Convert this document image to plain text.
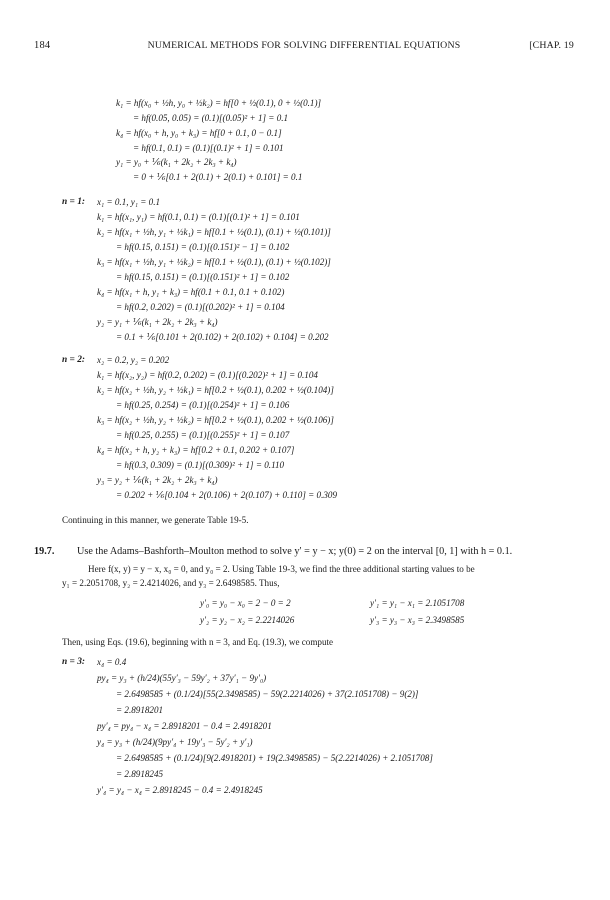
184	NUMERICAL METHODS FOR SOLVING DIFFERENTIAL EQUATIONS	[CHAP. 19
k₁ = hf(x₀ + ½h, y₀ + ½k₂) = hf[0 + ½(0.1), 0 + ½(0.1)]
= hf(0.05, 0.05) = (0.1)[(0.05)² + 1] = 0.1
k₄ = hf(x₀ + h, y₀ + k₃) = hf[0 + 0.1, 0 − 0.1]
= hf(0.1, 0.1) = (0.1)[(0.1)² + 1] = 0.101
y₁ = y₀ + ⅙(k₁ + 2k₂ + 2k₃ + k₄)
= 0 + ⅙[0.1 + 2(0.1) + 2(0.1) + 0.101] = 0.1
n = 1: x₁ = 0.1, y₁ = 0.1
k₁ = hf(x₁, y₁) = hf(0.1, 0.1) = (0.1)[(0.1)² + 1] = 0.101
k₂ = hf(x₁ + ½h, y₁ + ½k₁) = hf[0.1 + ½(0.1), (0.1) + ½(0.101)]
= hf(0.15, 0.151) = (0.1)[(0.151)² − 1] = 0.102
k₃ = hf(x₁ + ½h, y₁ + ½k₂) = hf[0.1 + ½(0.1), (0.1) + ½(0.102)]
= hf(0.15, 0.151) = (0.1)[(0.151)² + 1] = 0.102
k₄ = hf(x₁ + h, y₁ + k₃) = hf(0.1 + 0.1, 0.1 + 0.102)
= hf(0.2, 0.202) = (0.1)[(0.202)² + 1] = 0.104
y₂ = y₁ + ⅙(k₁ + 2k₂ + 2k₃ + k₄)
= 0.1 + ⅙[0.101 + 2(0.102) + 2(0.102) + 0.104] = 0.202
n = 2: x₂ = 0.2, y₂ = 0.202
k₁ = hf(x₂, y₂) = hf(0.2, 0.202) = (0.1)[(0.202)² + 1] = 0.104
k₂ = hf(x₂ + ½h, y₂ + ½k₁) = hf[0.2 + ½(0.1), 0.202 + ½(0.104)]
= hf(0.25, 0.254) = (0.1)[(0.254)² + 1] = 0.106
k₃ = hf(x₂ + ½h, y₂ + ½k₂) = hf[0.2 + ½(0.1), 0.202 + ½(0.106)]
= hf(0.25, 0.255) = (0.1)[(0.255)² + 1] = 0.107
k₄ = hf(x₂ + h, y₂ + k₃) = hf[0.2 + 0.1, 0.202 + 0.107]
= hf(0.3, 0.309) = (0.1)[(0.309)² + 1] = 0.110
y₃ = y₂ + ⅙(k₁ + 2k₂ + 2k₃ + k₄)
= 0.202 + ⅙[0.104 + 2(0.106) + 2(0.107) + 0.110] = 0.309
Continuing in this manner, we generate Table 19-5.
19.7. Use the Adams–Bashforth–Moulton method to solve y′ = y − x; y(0) = 2 on the interval [0, 1] with h = 0.1.
Here f(x, y) = y − x, x₀ = 0, and y₀ = 2. Using Table 19-3, we find the three additional starting values to be
y₁ = 2.2051708, y₂ = 2.4214026, and y₃ = 2.6498585. Thus,
y′₀ = y₀ − x₀ = 2 − 0 = 2	y′₁ = y₁ − x₁ = 2.1051708
y′₂ = y₂ − x₂ = 2.2214026	y′₃ = y₃ − x₃ = 2.3498585
Then, using Eqs. (19.6), beginning with n = 3, and Eq. (19.3), we compute
n = 3: x₄ = 0.4
py₄ = y₃ + (h/24)(55y′₃ − 59y′₂ + 37y′₁ − 9y′₀)
= 2.6498585 + (0.1/24)[55(2.3498585) − 59(2.2214026) + 37(2.1051708) − 9(2)]
= 2.8918201
py′₄ = py₄ − x₄ = 2.8918201 − 0.4 = 2.4918201
y₄ = y₃ + (h/24)(9py′₄ + 19y′₃ − 5y′₂ + y′₁)
= 2.6498585 + (0.1/24)[9(2.4918201) + 19(2.3498585) − 5(2.2214026) + 2.1051708]
= 2.8918245
y′₄ = y₄ − x₄ = 2.8918245 − 0.4 = 2.4918245
